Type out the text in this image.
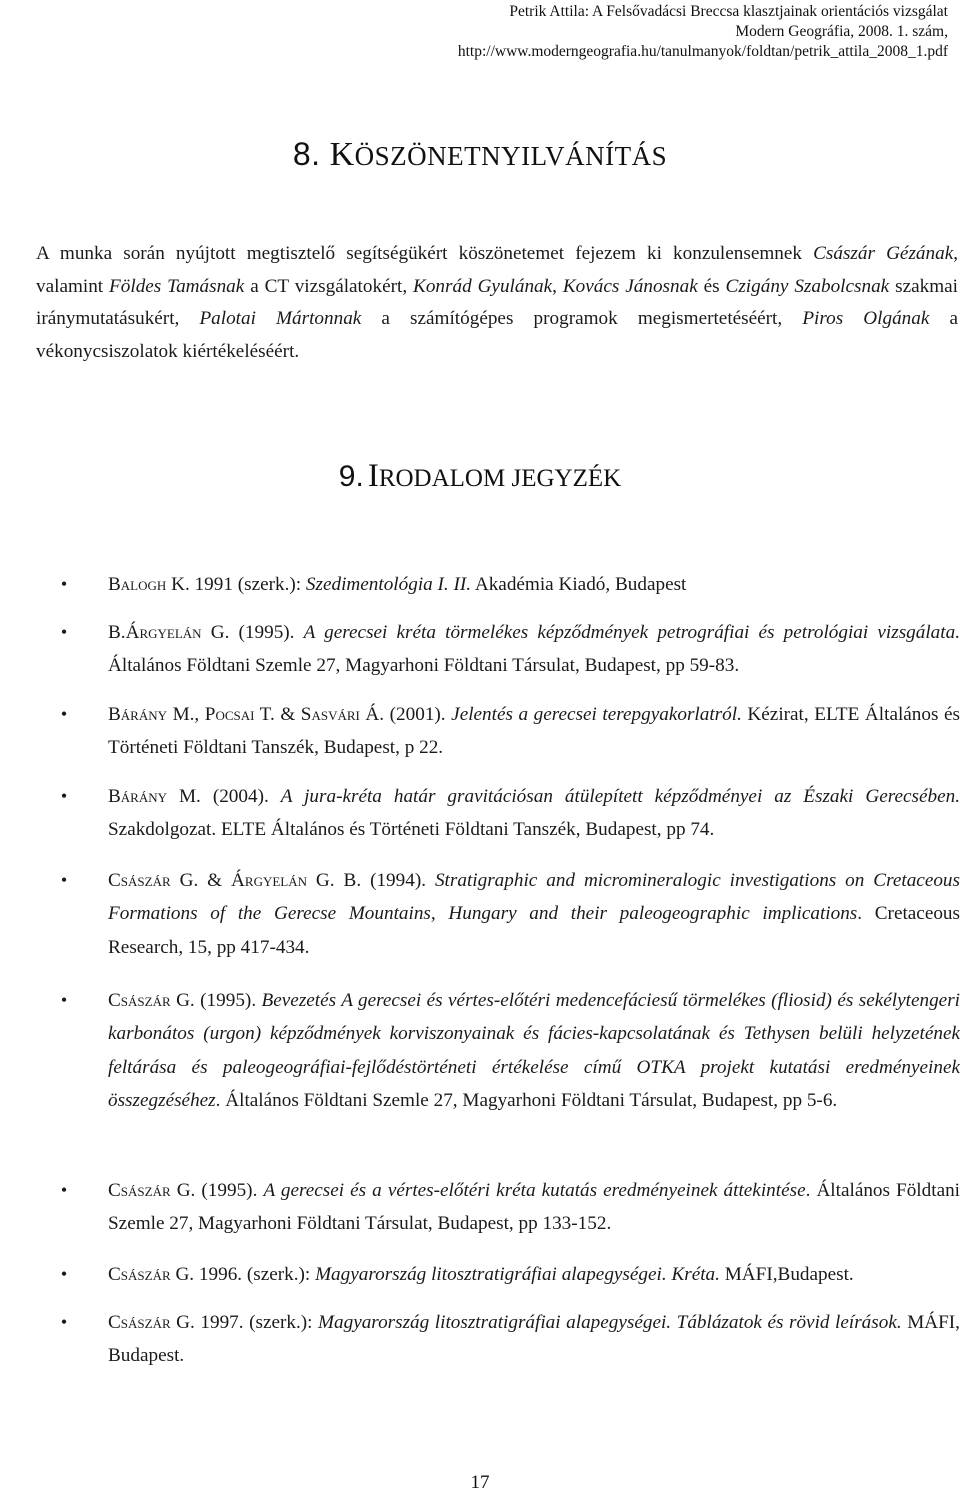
Petrik Attila: A Felsővadácsi Breccsa klasztjainak orientációs vizsgálat
Modern Geográfia, 2008. 1. szám,
http://www.moderngeografia.hu/tanulmanyok/foldtan/petrik_attila_2008_1.pdf
8. KÖSZÖNETNYILVÁNÍTÁS
A munka során nyújtott megtisztelő segítségükért köszönetemet fejezem ki konzulensemnek Császár Gézának, valamint Földes Tamásnak a CT vizsgálatokért, Konrád Gyulának, Kovács Jánosnak és Czigány Szabolcsnak szakmai iránymutatásukért, Palotai Mártonnak a számítógépes programok megismertetéséért, Piros Olgának a vékonycsiszolatok kiértékeléséért.
9. IRODALOM JEGYZÉK
• Balogh K. 1991 (szerk.): Szedimentológia I. II. Akadémia Kiadó, Budapest
• B.Árgyelán G. (1995). A gerecsei kréta törmelékes képződmények petrográfiai és petrológiai vizsgálata. Általános Földtani Szemle 27, Magyarhoni Földtani Társulat, Budapest, pp 59-83.
• Bárány M., Pocsai T. & Sasvári Á. (2001). Jelentés a gerecsei terepgyakorlatról. Kézirat, ELTE Általános és Történeti Földtani Tanszék, Budapest, p 22.
• Bárány M. (2004). A jura-kréta határ gravitációsan átülepített képződményei az Északi Gerecsében. Szakdolgozat. ELTE Általános és Történeti Földtani Tanszék, Budapest, pp 74.
• Császár G. & Árgyelán G. B. (1994). Stratigraphic and micromineralogic investigations on Cretaceous Formations of the Gerecse Mountains, Hungary and their paleogeographic implications. Cretaceous Research, 15, pp 417-434.
• Császár G. (1995). Bevezetés A gerecsei és vértes-előtéri medencefáciesű törmelékes (fliosid) és sekélytengeri karbonátos (urgon) képződmények korviszonyainak és fácies-kapcsolatának és Tethysen belüli helyzetének feltárása és paleogeográfiai-fejlődéstörténeti értékelése című OTKA projekt kutatási eredményeinek összegzéséhez. Általános Földtani Szemle 27, Magyarhoni Földtani Társulat, Budapest, pp 5-6.
• Császár G. (1995). A gerecsei és a vértes-előtéri kréta kutatás eredményeinek áttekintése. Általános Földtani Szemle 27, Magyarhoni Földtani Társulat, Budapest, pp 133-152.
• Császár G. 1996. (szerk.): Magyarország litosztratigráfiai alapegységei. Kréta. MÁFI,Budapest.
• Császár G. 1997. (szerk.): Magyarország litosztratigráfiai alapegységei. Táblázatok és rövid leírások. MÁFI, Budapest.
17
